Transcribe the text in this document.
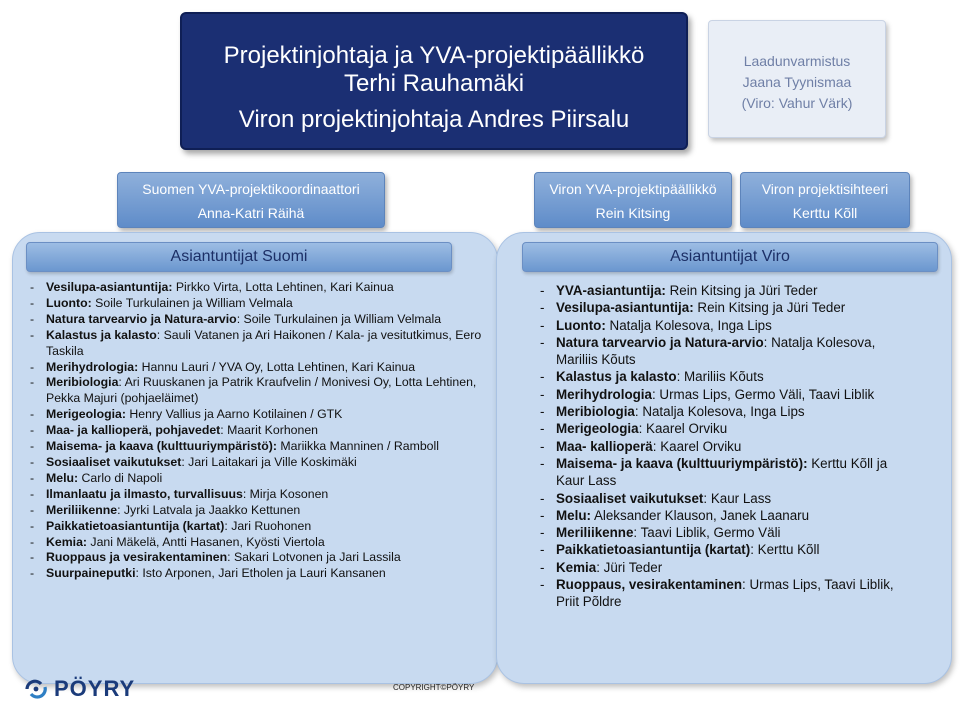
Projektinjohtaja ja YVA-projektipäällikkö
Terhi Rauhamäki
Viron projektinjohtaja Andres Piirsalu
Laadunvarmistus
Jaana Tyynismaa
(Viro: Vahur Värk)
Suomen YVA-projektikoordinaattori
Anna-Katri Räihä
Viron YVA-projektipäällikkö
Rein Kitsing
Viron projektisihteeri
Kerttu Kõll
Asiantuntijat Suomi	Asiantuntijat Viro
- Vesilupa-asiantuntija: Pirkko Virta, Lotta Lehtinen, Kari Kainua
- Luonto: Soile Turkulainen ja William Velmala
- Natura tarvearvio ja Natura-arvio: Soile Turkulainen ja William Velmala
- Kalastus ja kalasto: Sauli Vatanen ja Ari Haikonen / Kala- ja vesitutkimus, Eero Taskila
- Merihydrologia: Hannu Lauri / YVA Oy, Lotta Lehtinen, Kari Kainua
- Meribiologia: Ari Ruuskanen ja Patrik Kraufvelin / Monivesi Oy, Lotta Lehtinen, Pekka Majuri (pohjaeläimet)
- Merigeologia: Henry Vallius ja Aarno Kotilainen / GTK
- Maa- ja kallioperä, pohjavedet: Maarit Korhonen
- Maisema- ja kaava (kulttuuriympäristö): Mariikka Manninen / Ramboll
- Sosiaaliset vaikutukset: Jari Laitakari ja Ville Koskimäki
- Melu: Carlo di Napoli
- Ilmanlaatu ja ilmasto, turvallisuus: Mirja Kosonen
- Meriliikenne: Jyrki Latvala ja Jaakko Kettunen
- Paikkatietoasiantuntija (kartat): Jari Ruohonen
- Kemia: Jani Mäkelä, Antti Hasanen, Kyösti Viertola
- Ruoppaus ja vesirakentaminen: Sakari Lotvonen ja Jari Lassila
- Suurpaineputki: Isto Arponen, Jari Etholen ja Lauri Kansanen
- YVA-asiantuntija: Rein Kitsing ja Jüri Teder
- Vesilupa-asiantuntija: Rein Kitsing ja Jüri Teder
- Luonto: Natalja Kolesova, Inga Lips
- Natura tarvearvio ja Natura-arvio: Natalja Kolesova, Mariliis Kõuts
- Kalastus ja kalasto: Mariliis Kõuts
- Merihydrologia: Urmas Lips, Germo Väli, Taavi Liblik
- Meribiologia: Natalja Kolesova, Inga Lips
- Merigeologia: Kaarel Orviku
- Maa- kallioperä: Kaarel Orviku
- Maisema- ja kaava (kulttuuriympäristö): Kerttu Kõll ja Kaur Lass
- Sosiaaliset vaikutukset: Kaur Lass
- Melu: Aleksander Klauson, Janek Laanaru
- Meriliikenne: Taavi Liblik, Germo Väli
- Paikkatietoasiantuntija (kartat): Kerttu Kõll
- Kemia: Jüri Teder
- Ruoppaus, vesirakentaminen: Urmas Lips, Taavi Liblik, Priit Põldre
PÖYRY	COPYRIGHT©PÖYRY
